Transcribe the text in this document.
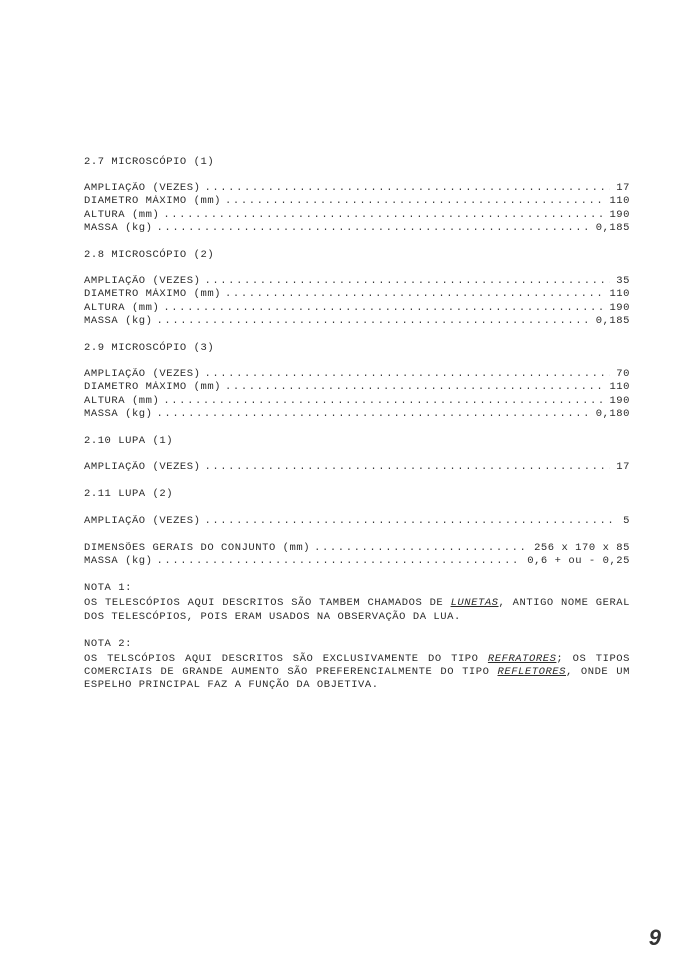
2.7 MICROSCÓPIO (1)
AMPLIAÇÃO (VEZES) .....	17
DIAMETRO MÁXIMO (mm) .....	110
ALTURA (mm) .....	190
MASSA (kg) .....	0,185
2.8 MICROSCÓPIO (2)
AMPLIAÇÃO (VEZES) .....	35
DIAMETRO MÁXIMO (mm) .....	110
ALTURA (mm) .....	190
MASSA (kg) .....	0,185
2.9 MICROSCÓPIO (3)
AMPLIAÇÃO (VEZES) .....	70
DIAMETRO MÁXIMO (mm) .....	110
ALTURA (mm) .....	190
MASSA (kg) .....	0,180
2.10 LUPA (1)
AMPLIAÇÃO (VEZES) .....	17
2.11 LUPA (2)
AMPLIAÇÃO (VEZES) .....	5
DIMENSÕES GERAIS DO CONJUNTO (mm) .....	256 x 170 x 85
MASSA (kg) .....	0,6 + ou - 0,25
NOTA 1:
OS TELESCÓPIOS AQUI DESCRITOS SÃO TAMBEM CHAMADOS DE LUNETAS, ANTIGO NOME GERAL DOS TELESCÓPIOS, POIS ERAM USADOS NA OBSERVAÇÃO DA LUA.
NOTA 2:
OS TELSCÓPIOS AQUI DESCRITOS SÃO EXCLUSIVAMENTE DO TIPO REFRATORES; OS TIPOS COMERCIAIS DE GRANDE AUMENTO SÃO PREFERENCIALMENTE DO TIPO REFLETORES, ONDE UM ESPELHO PRINCIPAL FAZ A FUNÇÃO DA OBJETIVA.
9
